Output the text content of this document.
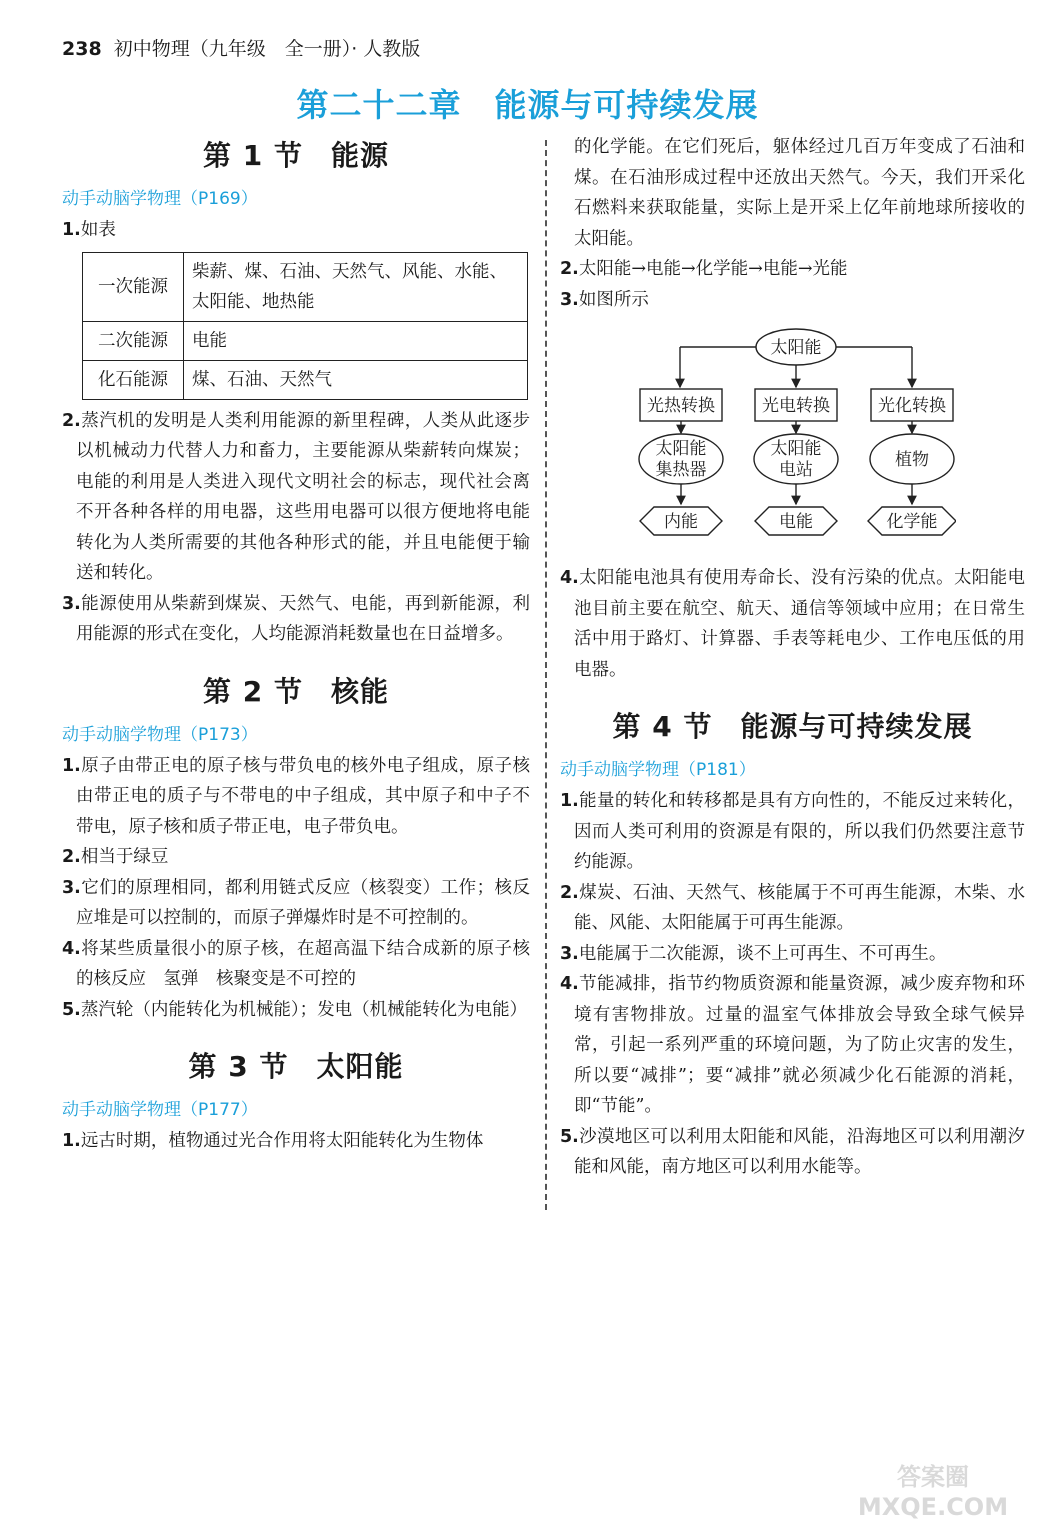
238 初中物理（九年级　全一册）· 人教版
第二十二章　能源与可持续发展
第 1 节 能源

动手动脑学物理（P169）

1.如表

一次能源	柴薪、煤、石油、天然气、风能、水能、太阳能、地热能
二次能源	电能
化石能源	煤、石油、天然气

2.蒸汽机的发明是人类利用能源的新里程碑，人类从此逐步以机械动力代替人力和畜力，主要能源从柴薪转向煤炭；电能的利用是人类进入现代文明社会的标志，现代社会离不开各种各样的用电器，这些用电器可以很方便地将电能转化为人类所需要的其他各种形式的能，并且电能便于输送和转化。

3.能源使用从柴薪到煤炭、天然气、电能，再到新能源，利用能源的形式在变化，人均能源消耗数量也在日益增多。

第 2 节 核能

动手动脑学物理（P173）

1.原子由带正电的原子核与带负电的核外电子组成，原子核由带正电的质子与不带电的中子组成，其中原子和中子不带电，原子核和质子带正电，电子带负电。

2.相当于绿豆

3.它们的原理相同，都利用链式反应（核裂变）工作；核反应堆是可以控制的，而原子弹爆炸时是不可控制的。

4.将某些质量很小的原子核，在超高温下结合成新的原子核的核反应　氢弹　核聚变是不可控的

5.蒸汽轮（内能转化为机械能）；发电（机械能转化为电能）

第 3 节 太阳能

动手动脑学物理（P177）

1.远古时期，植物通过光合作用将太阳能转化为生物体

的化学能。在它们死后，躯体经过几百万年变成了石油和煤。在石油形成过程中还放出天然气。今天，我们开采化石燃料来获取能量，实际上是开采上亿年前地球所接收的太阳能。

2.太阳能→电能→化学能→电能→光能

3.如图所示

太阳能
光热转换	光电转换	光化转换
太阳能
集热器
太阳能
电站	植物
内能	电能	化学能

4.太阳能电池具有使用寿命长、没有污染的优点。太阳能电池目前主要在航空、航天、通信等领域中应用；在日常生活中用于路灯、计算器、手表等耗电少、工作电压低的用电器。

第 4 节 能源与可持续发展

动手动脑学物理（P181）

1.能量的转化和转移都是具有方向性的，不能反过来转化，因而人类可利用的资源是有限的，所以我们仍然要注意节约能源。

2.煤炭、石油、天然气、核能属于不可再生能源，木柴、水能、风能、太阳能属于可再生能源。

3.电能属于二次能源，谈不上可再生、不可再生。

4.节能减排，指节约物质资源和能量资源，减少废弃物和环境有害物排放。过量的温室气体排放会导致全球气候异常，引起一系列严重的环境问题，为了防止灾害的发生，所以要“减排”；要“减排”就必须减少化石能源的消耗，即“节能”。

5.沙漠地区可以利用太阳能和风能，沿海地区可以利用潮汐能和风能，南方地区可以利用水能等。

答案圈 MXQE.COM
